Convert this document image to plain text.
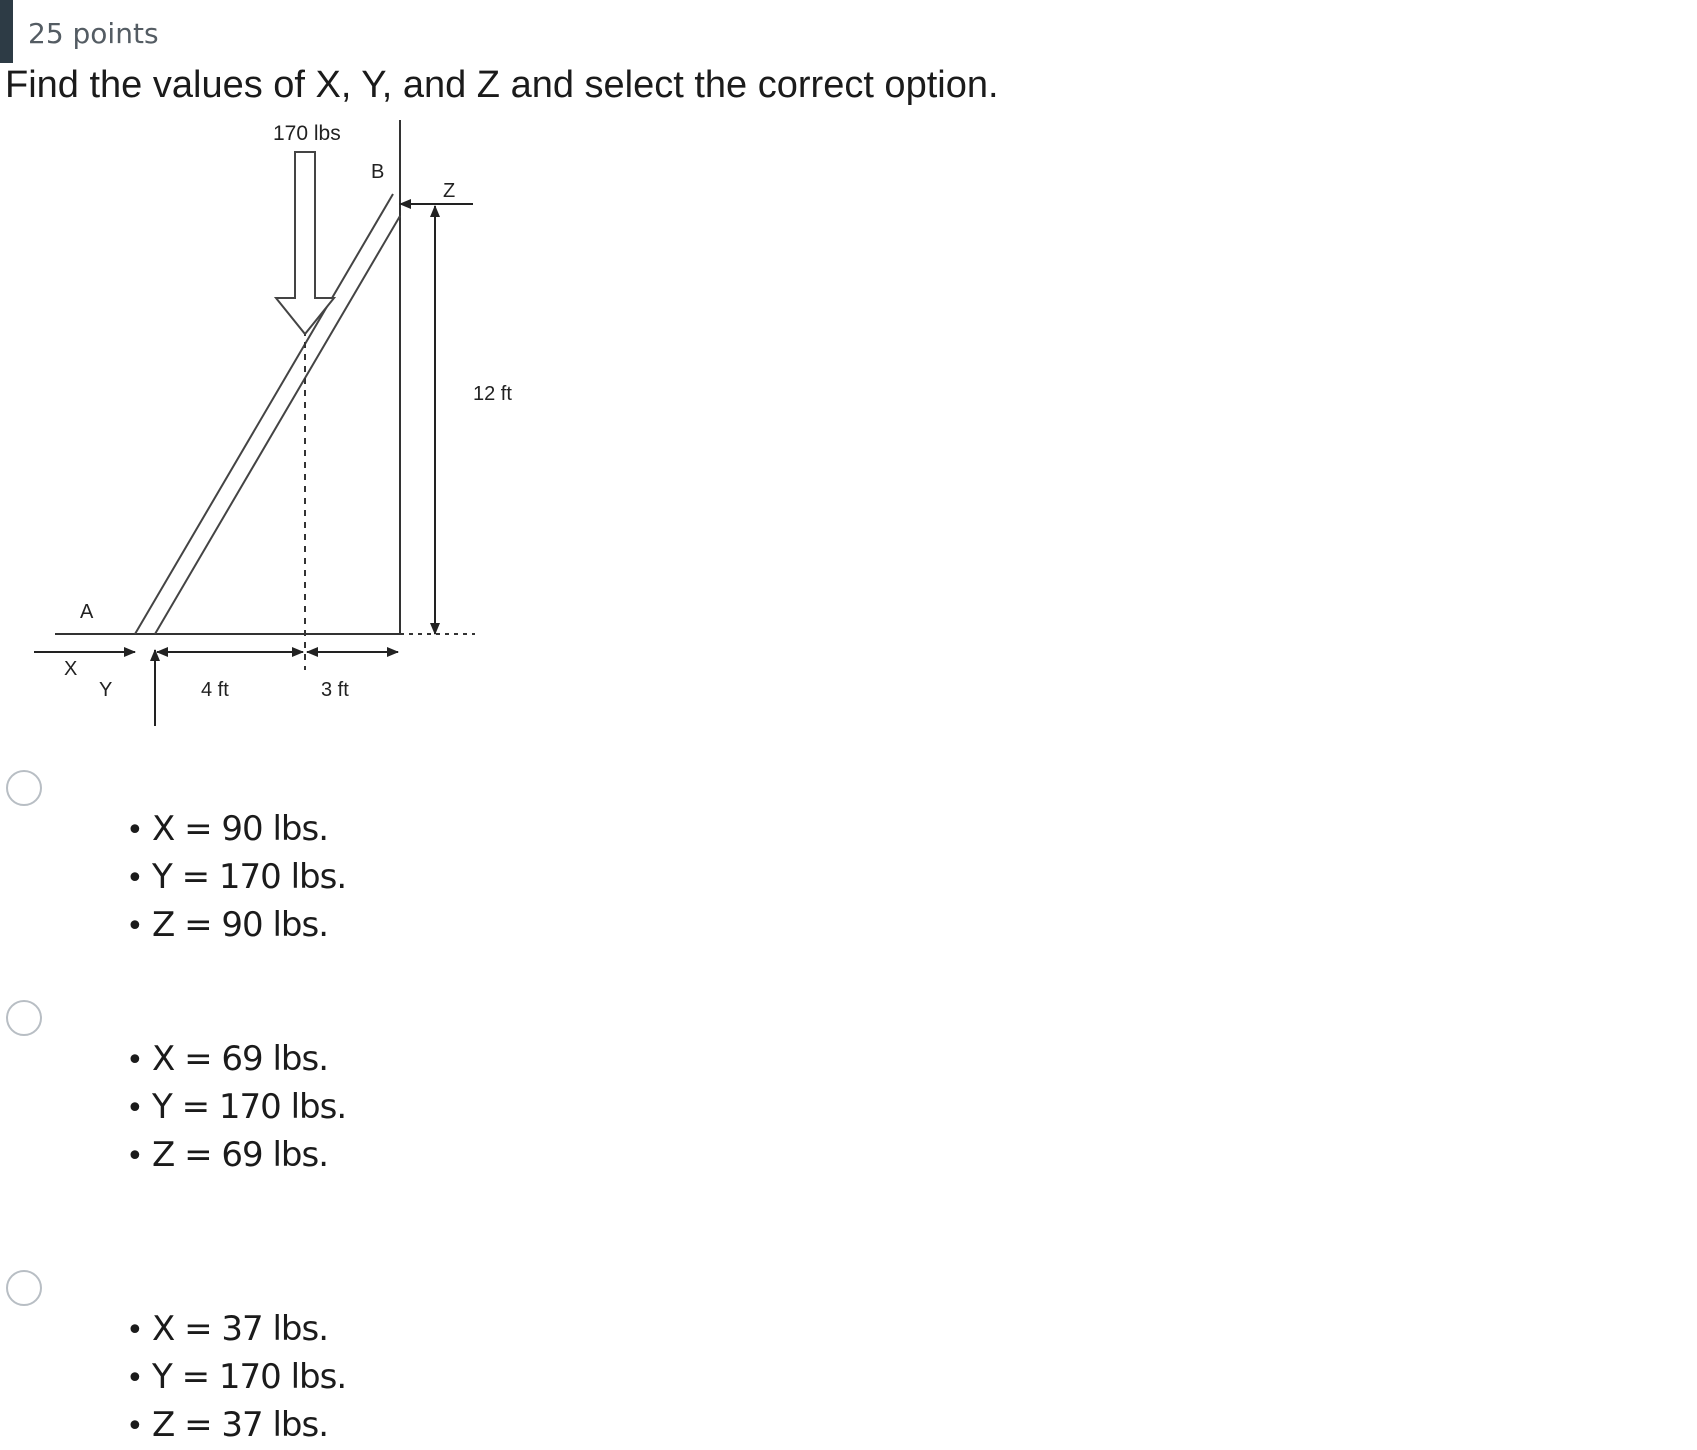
25 points
Find the values of X, Y, and Z and select the correct option.
170 lbs
B
Z
12 ft
A
X
Y	4 ft	3 ft
• X = 90 lbs.
• Y = 170 lbs.
• Z = 90 lbs.
• X = 69 lbs.
• Y = 170 lbs.
• Z = 69 lbs.
• X = 37 lbs.
• Y = 170 lbs.
• Z = 37 lbs.
